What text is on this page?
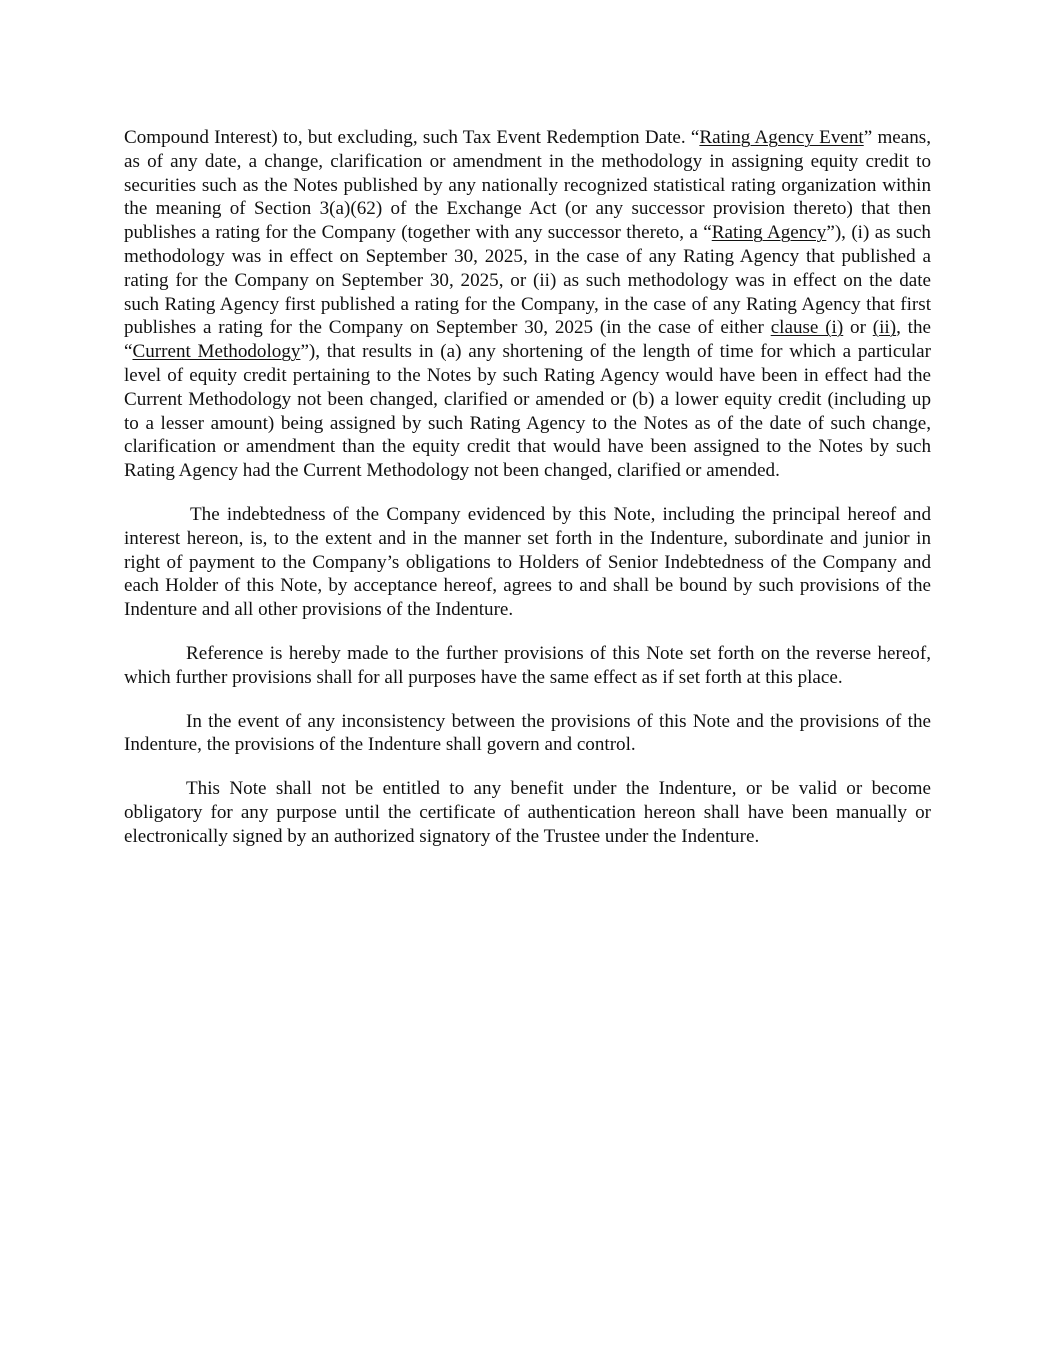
Compound Interest) to, but excluding, such Tax Event Redemption Date. “Rating Agency Event” means, as of any date, a change, clarification or amendment in the methodology in assigning equity credit to securities such as the Notes published by any nationally recognized statistical rating organization within the meaning of Section 3(a)(62) of the Exchange Act (or any successor provision thereto) that then publishes a rating for the Company (together with any successor thereto, a “Rating Agency”), (i) as such methodology was in effect on September 30, 2025, in the case of any Rating Agency that published a rating for the Company on September 30, 2025, or (ii) as such methodology was in effect on the date such Rating Agency first published a rating for the Company, in the case of any Rating Agency that first publishes a rating for the Company on September 30, 2025 (in the case of either clause (i) or (ii), the “Current Methodology”), that results in (a) any shortening of the length of time for which a particular level of equity credit pertaining to the Notes by such Rating Agency would have been in effect had the Current Methodology not been changed, clarified or amended or (b) a lower equity credit (including up to a lesser amount) being assigned by such Rating Agency to the Notes as of the date of such change, clarification or amendment than the equity credit that would have been assigned to the Notes by such Rating Agency had the Current Methodology not been changed, clarified or amended.

The indebtedness of the Company evidenced by this Note, including the principal hereof and interest hereon, is, to the extent and in the manner set forth in the Indenture, subordinate and junior in right of payment to the Company’s obligations to Holders of Senior Indebtedness of the Company and each Holder of this Note, by acceptance hereof, agrees to and shall be bound by such provisions of the Indenture and all other provisions of the Indenture.

Reference is hereby made to the further provisions of this Note set forth on the reverse hereof, which further provisions shall for all purposes have the same effect as if set forth at this place.

In the event of any inconsistency between the provisions of this Note and the provisions of the Indenture, the provisions of the Indenture shall govern and control.

This Note shall not be entitled to any benefit under the Indenture, or be valid or become obligatory for any purpose until the certificate of authentication hereon shall have been manually or electronically signed by an authorized signatory of the Trustee under the Indenture.
